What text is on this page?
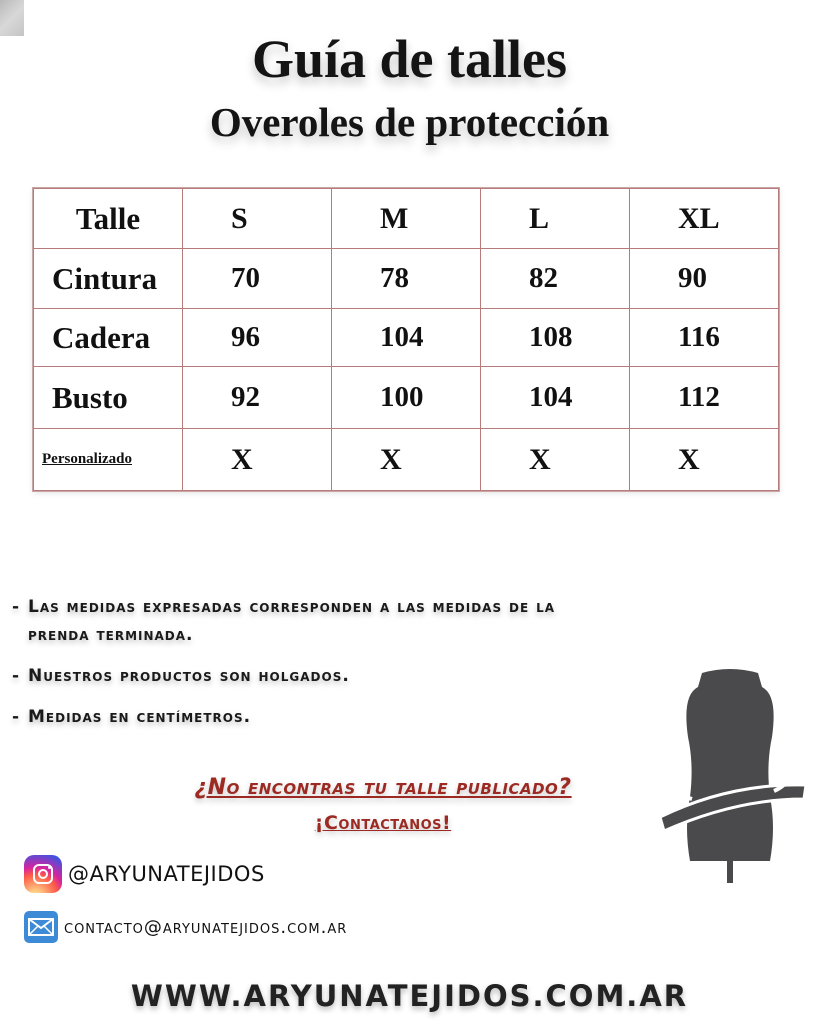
Guía de talles
Overoles de protección
Talle	S	M	L	XL
Cintura	70	78	82	90
Cadera	96	104	108	116
Busto	92	100	104	112
Personalizado	X	X	X	X
- Las medidas expresadas corresponden a las medidas de la
prenda terminada.
- Nuestros productos son holgados.
- Medidas en centímetros.
¿No encontras tu talle publicado?
¡Contactanos!
@ARYUNATEJIDOS
contacto@aryunatejidos.com.ar
WWW.ARYUNATEJIDOS.COM.AR
